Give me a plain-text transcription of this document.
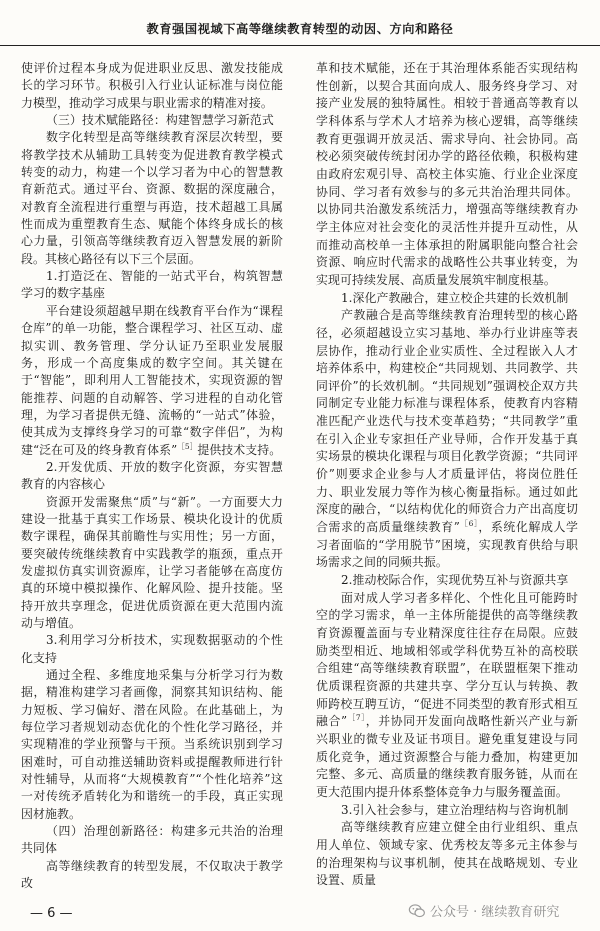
教育强国视域下高等继续教育转型的动因、方向和路径

使评价过程本身成为促进职业反思、激发技能成长的学习环节。积极引入行业认证标准与岗位能力模型，推动学习成果与职业需求的精准对接。

（三）技术赋能路径：构建智慧学习新范式

数字化转型是高等继续教育深层次转型，要将教学技术从辅助工具转变为促进教育教学模式转变的动力，构建一个以学习者为中心的智慧教育新范式。通过平台、资源、数据的深度融合，对教育全流程进行重塑与再造，技术超越工具属性而成为重塑教育生态、赋能个体终身成长的核心力量，引领高等继续教育迈入智慧发展的新阶段。其核心路径有以下三个层面。

1.打造泛在、智能的一站式平台，构筑智慧学习的数字基座

平台建设须超越早期在线教育平台作为“课程仓库”的单一功能，整合课程学习、社区互动、虚拟实训、教务管理、学分认证乃至职业发展服务，形成一个高度集成的数字空间。其关键在于“智能”，即利用人工智能技术，实现资源的智能推荐、问题的自动解答、学习进程的自动化管理，为学习者提供无缝、流畅的“一站式”体验，使其成为支撑终身学习的可靠“数字伴侣”，为构建“泛在可及的终身教育体系”$^{[5]}$提供技术支持。

2.开发优质、开放的数字化资源，夯实智慧教育的内容核心

资源开发需聚焦“质”与“新”。一方面要大力建设一批基于真实工作场景、模块化设计的优质数字课程，确保其前瞻性与实用性；另一方面，要突破传统继续教育中实践教学的瓶颈，重点开发虚拟仿真实训资源库，让学习者能够在高度仿真的环境中模拟操作、化解风险、提升技能。坚持开放共享理念，促进优质资源在更大范围内流动与增值。

3.利用学习分析技术，实现数据驱动的个性化支持

通过全程、多维度地采集与分析学习行为数据，精准构建学习者画像，洞察其知识结构、能力短板、学习偏好、潜在风险。在此基础上，为每位学习者规划动态优化的个性化学习路径，并实现精准的学业预警与干预。当系统识别到学习困难时，可自动推送辅助资料或提醒教师进行针对性辅导，从而将“大规模教育”“个性化培养”这一对传统矛盾转化为和谐统一的手段，真正实现因材施教。

（四）治理创新路径：构建多元共治的治理共同体

高等继续教育的转型发展，不仅取决于教学改

革和技术赋能，还在于其治理体系能否实现结构性创新，以契合其面向成人、服务终身学习、对接产业发展的独特属性。相较于普通高等教育以学科体系与学术人才培养为核心逻辑，高等继续教育更强调开放灵活、需求导向、社会协同。高校必须突破传统封闭办学的路径依赖，积极构建由政府宏观引导、高校主体实施、行业企业深度协同、学习者有效参与的多元共治治理共同体。以协同共治激发系统活力，增强高等继续教育办学主体应对社会变化的灵活性并提升互动性，从而推动高校单一主体承担的附属职能向整合社会资源、响应时代需求的战略性公共事业转变，为实现可持续发展、高质量发展筑牢制度根基。

1.深化产教融合，建立校企共建的长效机制

产教融合是高等继续教育治理转型的核心路径，必须超越设立实习基地、举办行业讲座等表层协作，推动行业企业实质性、全过程嵌入人才培养体系中，构建校企“共同规划、共同教学、共同评价”的长效机制。“共同规划”强调校企双方共同制定专业能力标准与课程体系，使教育内容精准匹配产业迭代与技术变革趋势；“共同教学”重在引入企业专家担任产业导师，合作开发基于真实场景的模块化课程与项目化教学资源；“共同评价”则要求企业参与人才质量评估，将岗位胜任力、职业发展力等作为核心衡量指标。通过如此深度的融合，“以结构优化的师资合力产出高度切合需求的高质量继续教育”$^{[6]}$，系统化解成人学习者面临的“学用脱节”困境，实现教育供给与职场需求之间的同频共振。

2.推动校际合作，实现优势互补与资源共享

面对成人学习者多样化、个性化且可能跨时空的学习需求，单一主体所能提供的高等继续教育资源覆盖面与专业精深度往往存在局限。应鼓励类型相近、地域相邻或学科优势互补的高校联合组建“高等继续教育联盟”，在联盟框架下推动优质课程资源的共建共享、学分互认与转换、教师跨校互聘互访，“促进不同类型的教育形式相互融合”$^{[7]}$，并协同开发面向战略性新兴产业与新兴职业的微专业及证书项目。避免重复建设与同质化竞争，通过资源整合与能力叠加，构建更加完整、多元、高质量的继续教育服务链，从而在更大范围内提升体系整体竞争力与服务覆盖面。

3.引入社会参与，建立治理结构与咨询机制

高等继续教育应建立健全由行业组织、重点用人单位、领域专家、优秀校友等多元主体参与的治理架构与议事机制，使其在战略规划、专业设置、质量

— 6 —	公众号 · 继续教育研究
